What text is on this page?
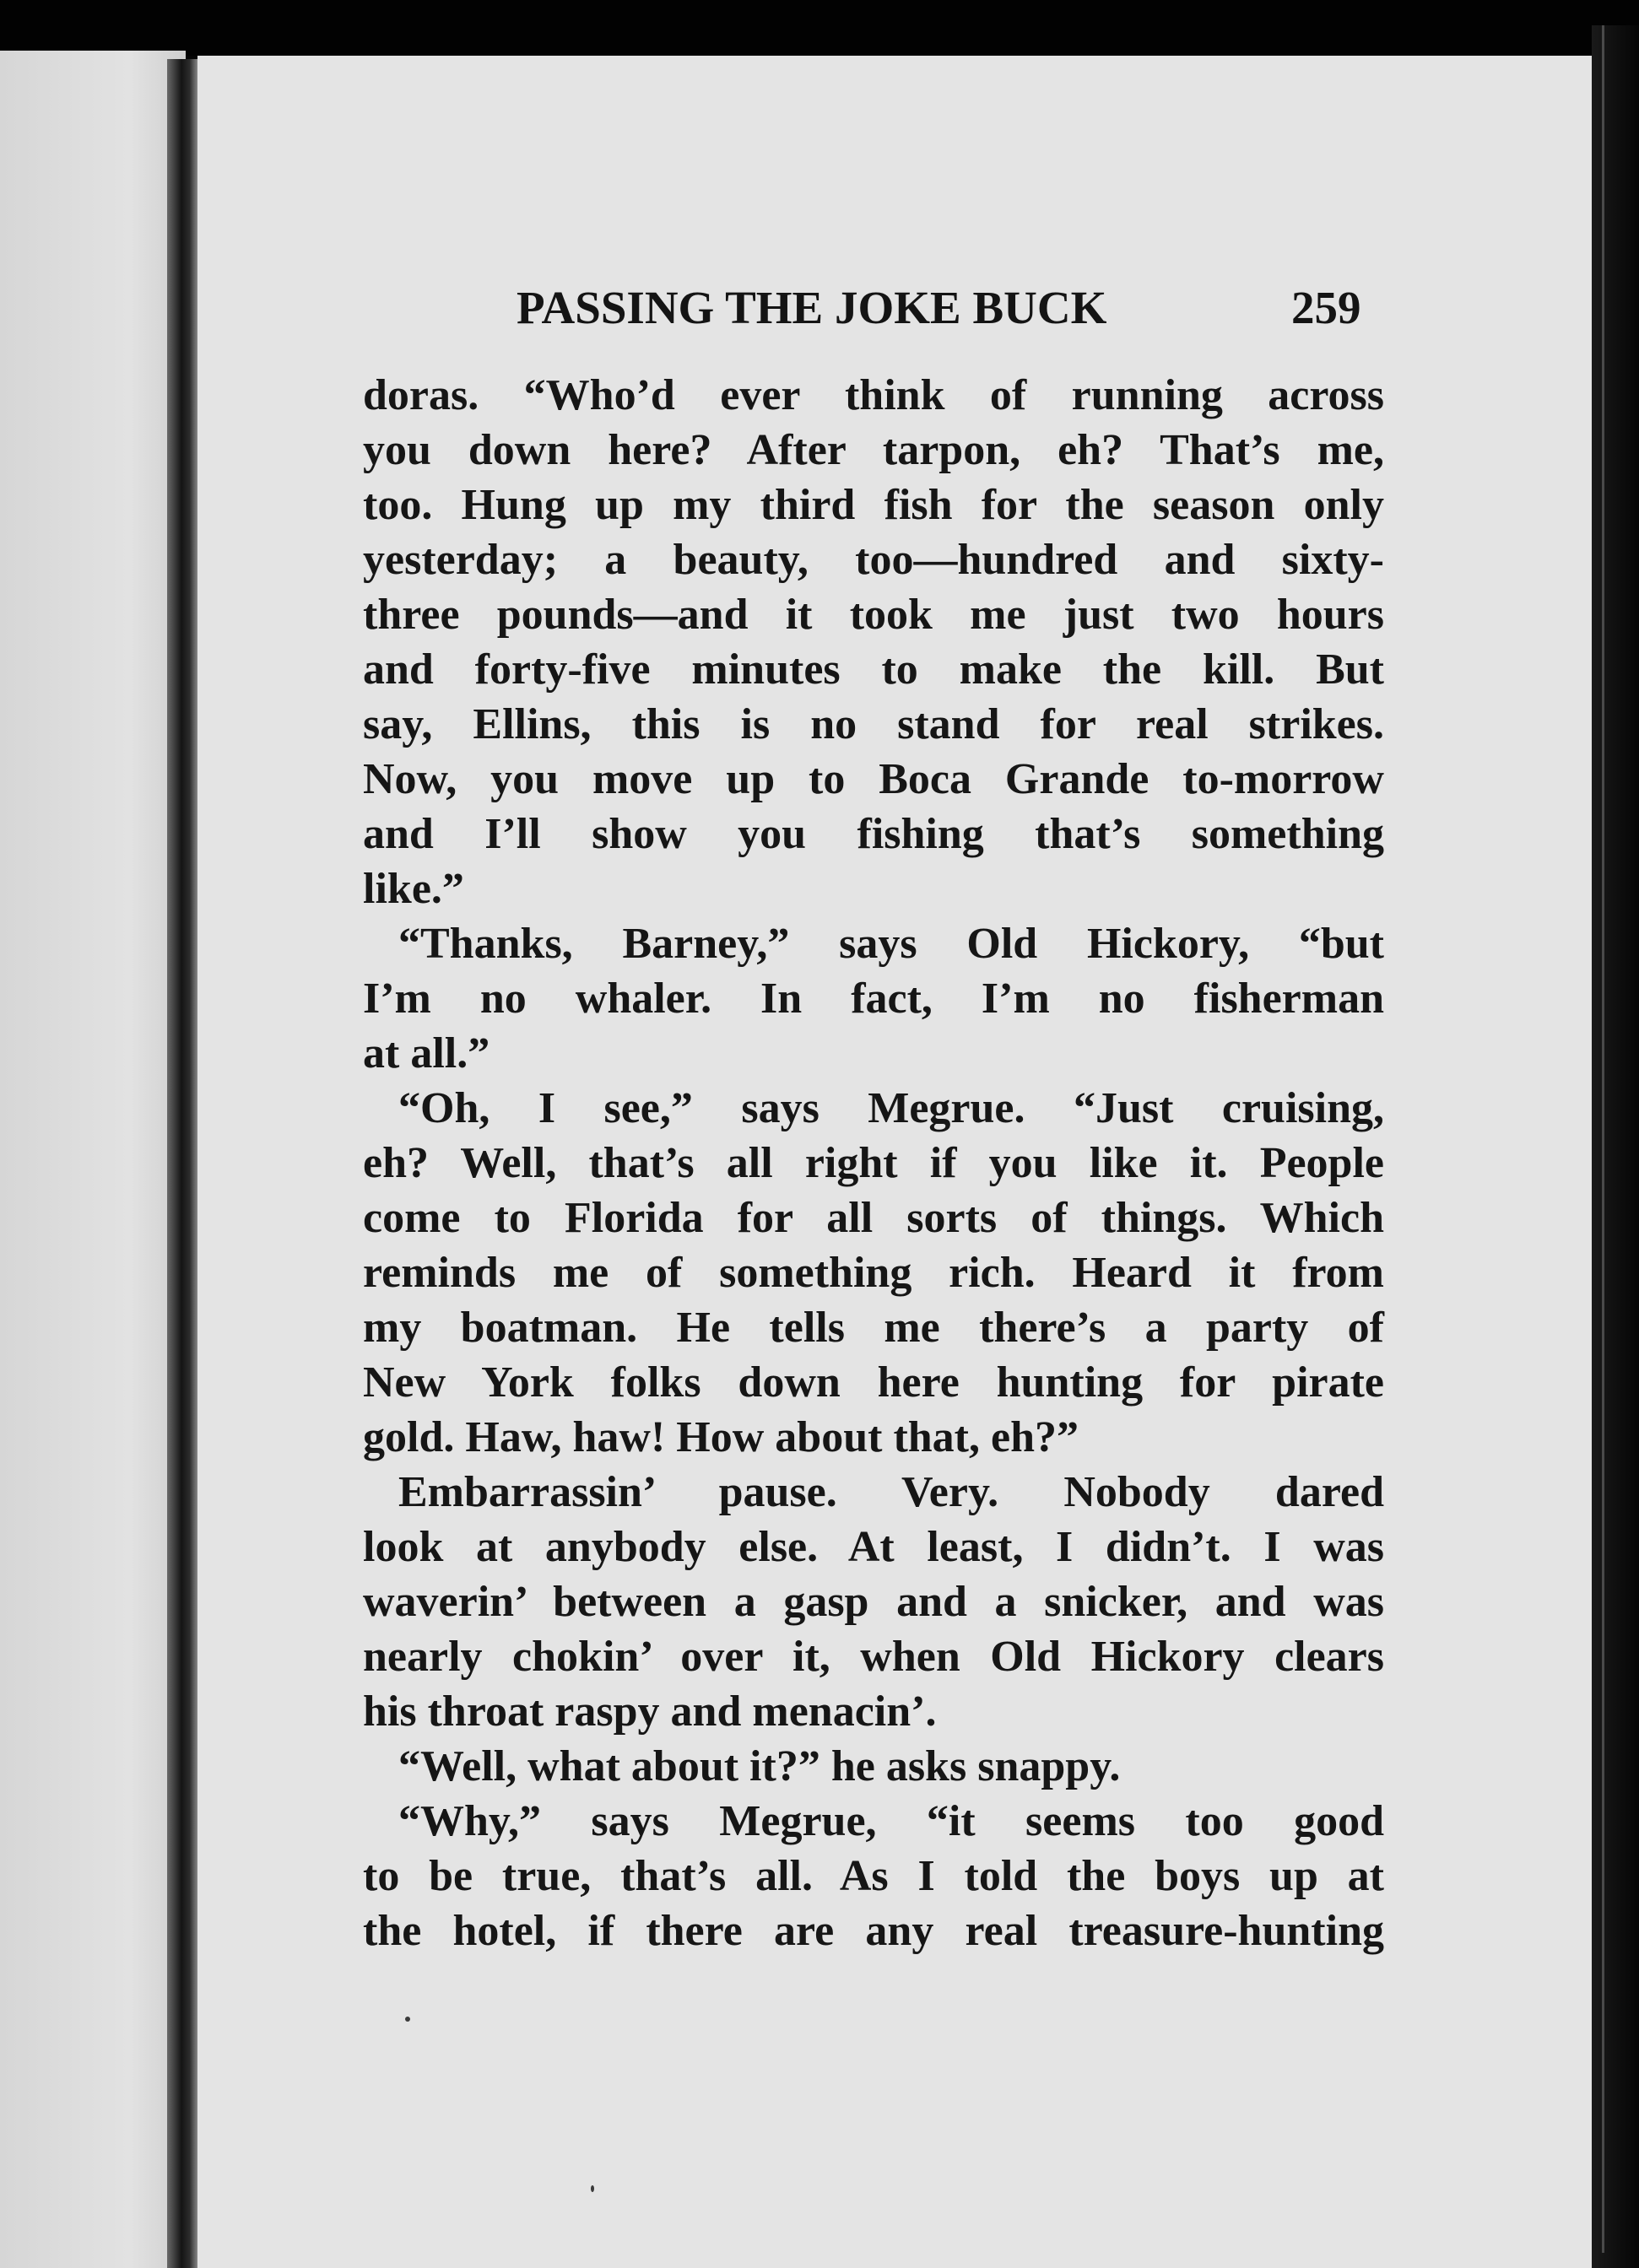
PASSING THE JOKE BUCK	259
doras. “Who’d ever think of running across
you down here? After tarpon, eh? That’s me,
too. Hung up my third fish for the season only
yesterday; a beauty, too—hundred and sixty-
three pounds—and it took me just two hours
and forty-five minutes to make the kill. But
say, Ellins, this is no stand for real strikes.
Now, you move up to Boca Grande to-morrow
and I’ll show you fishing that’s something
like.”
“Thanks, Barney,” says Old Hickory, “but
I’m no whaler. In fact, I’m no fisherman
at all.”
“Oh, I see,” says Megrue. “Just cruising,
eh? Well, that’s all right if you like it. People
come to Florida for all sorts of things. Which
reminds me of something rich. Heard it from
my boatman. He tells me there’s a party of
New York folks down here hunting for pirate
gold. Haw, haw! How about that, eh?”
Embarrassin’ pause. Very. Nobody dared
look at anybody else. At least, I didn’t. I was
waverin’ between a gasp and a snicker, and was
nearly chokin’ over it, when Old Hickory clears
his throat raspy and menacin’.
“Well, what about it?” he asks snappy.
“Why,” says Megrue, “it seems too good
to be true, that’s all. As I told the boys up at
the hotel, if there are any real treasure-hunting
